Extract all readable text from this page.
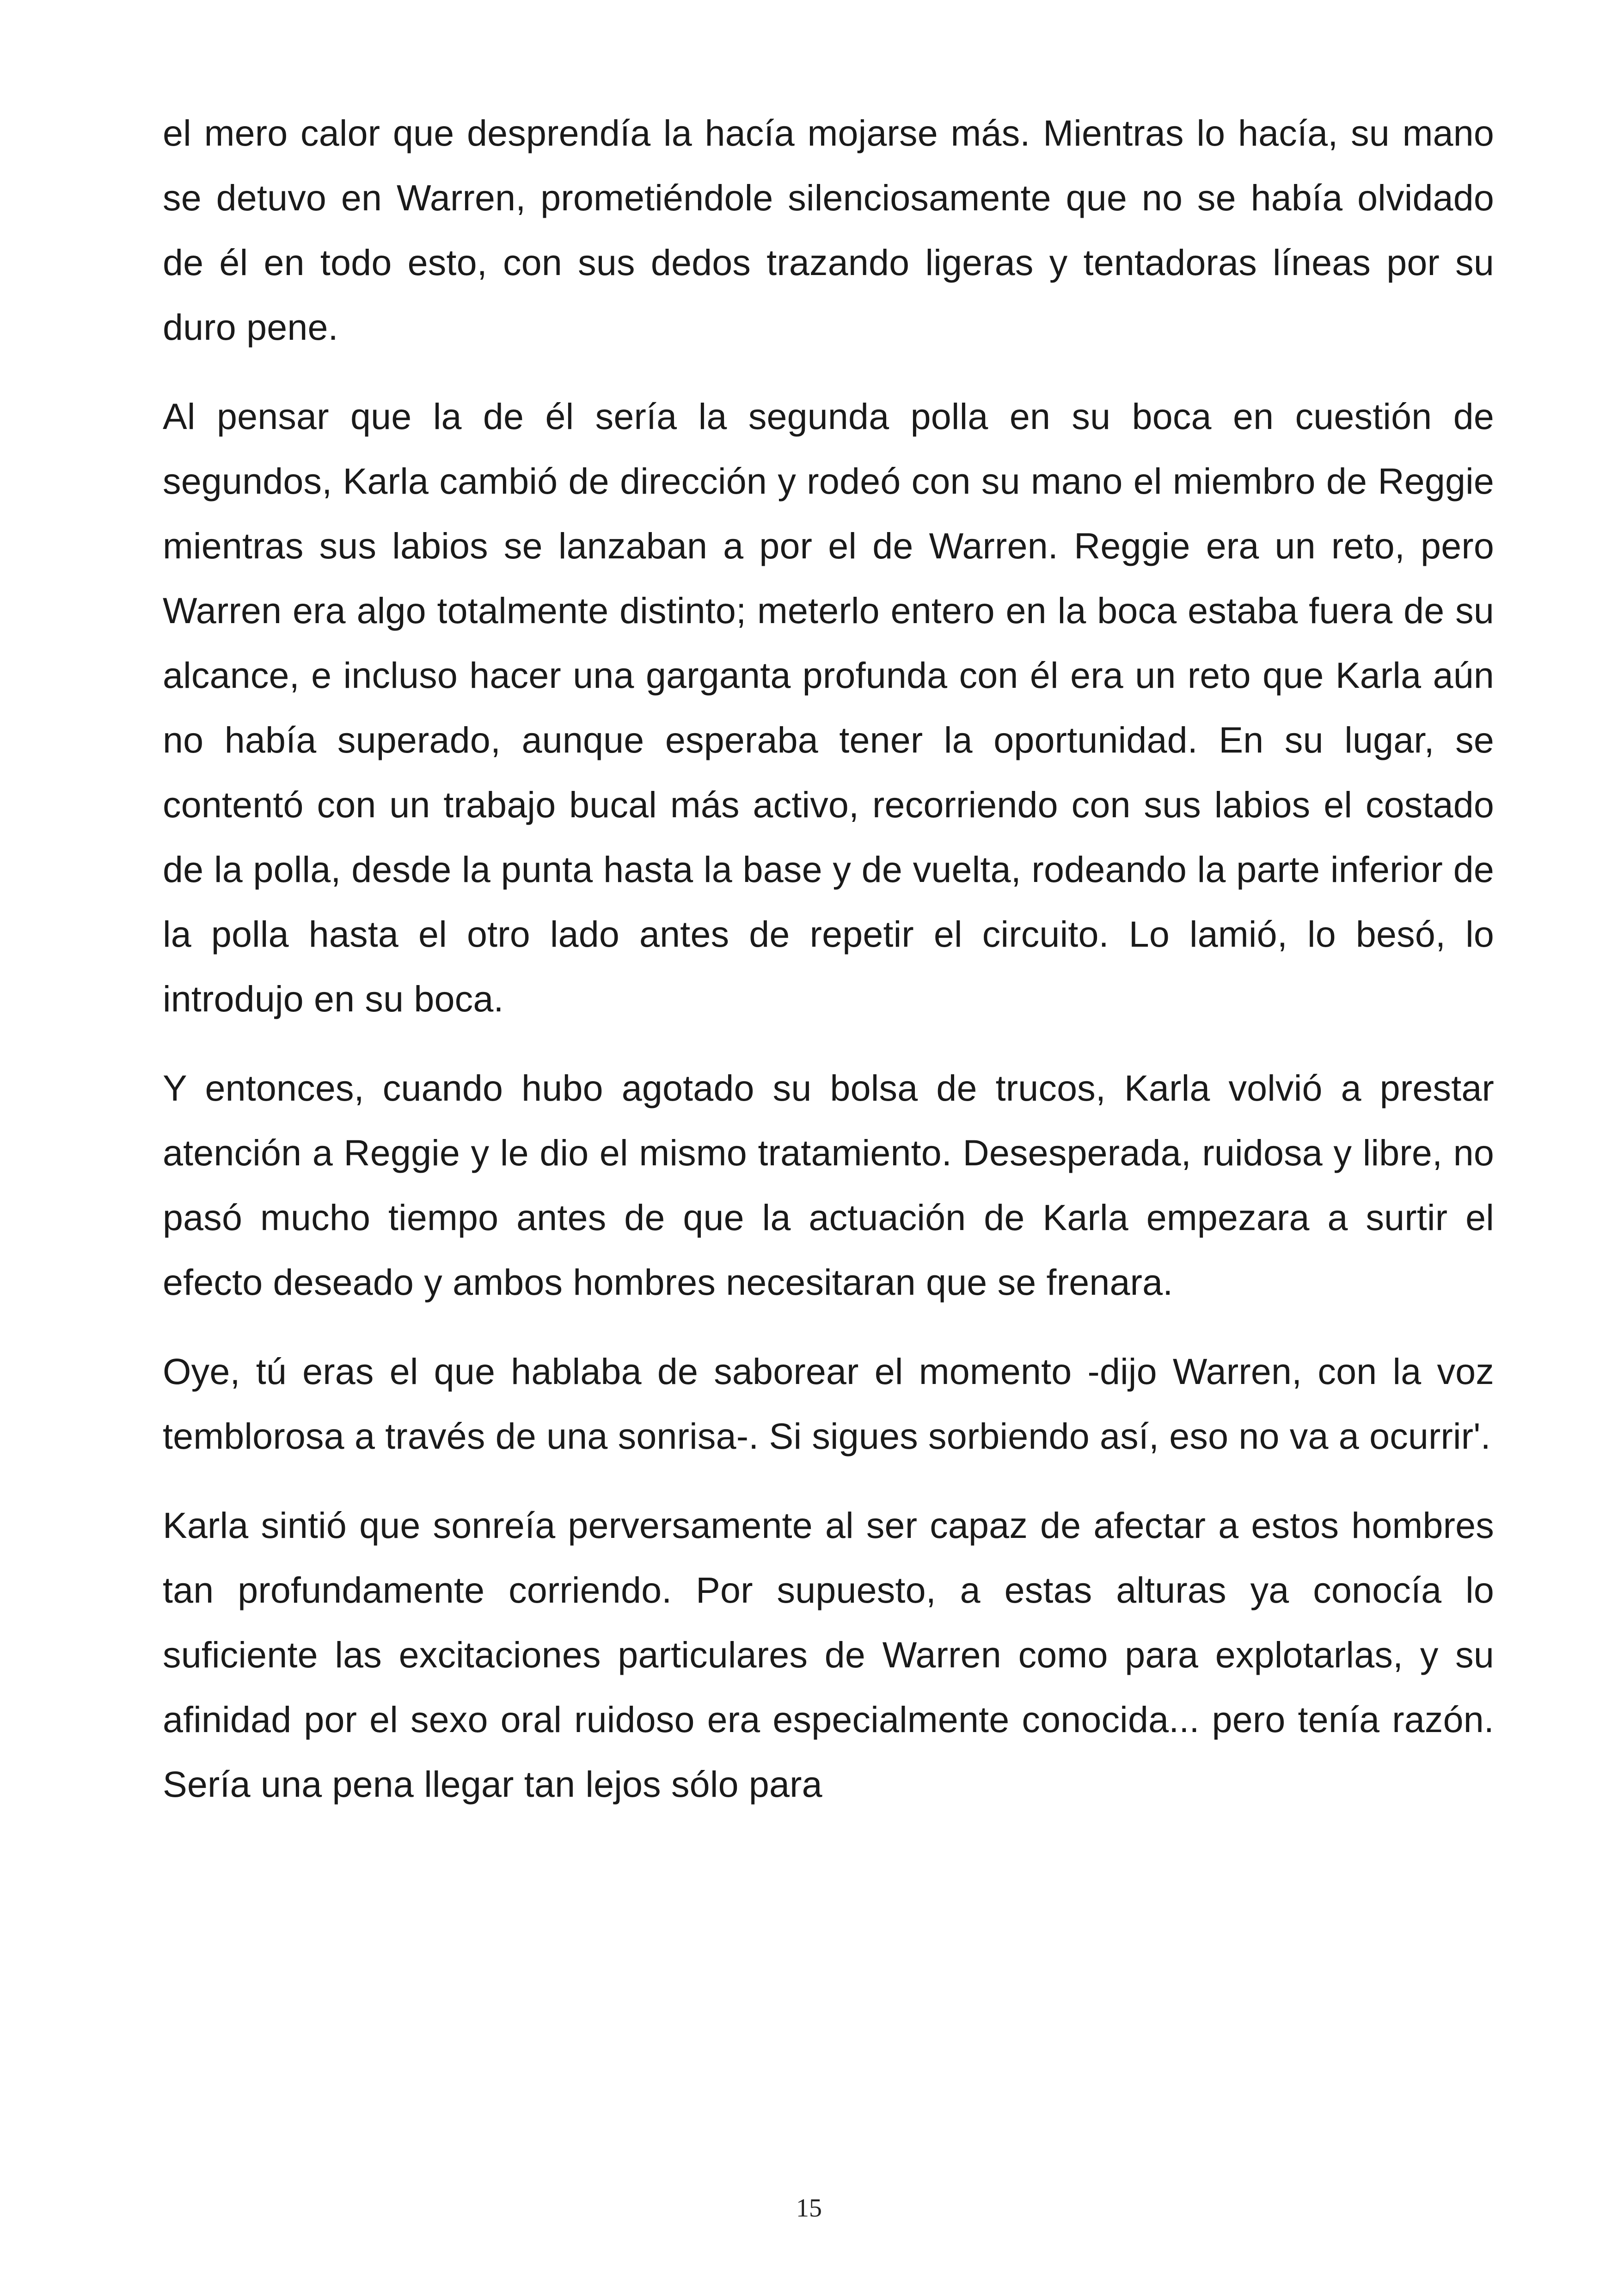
el mero calor que desprendía la hacía mojarse más. Mientras lo hacía, su mano se detuvo en Warren, prometiéndole silenciosamente que no se había olvidado de él en todo esto, con sus dedos trazando ligeras y tentadoras líneas por su duro pene.

Al pensar que la de él sería la segunda polla en su boca en cuestión de segundos, Karla cambió de dirección y rodeó con su mano el miembro de Reggie mientras sus labios se lanzaban a por el de Warren. Reggie era un reto, pero Warren era algo totalmente distinto; meterlo entero en la boca estaba fuera de su alcance, e incluso hacer una garganta profunda con él era un reto que Karla aún no había superado, aunque esperaba tener la oportunidad. En su lugar, se contentó con un trabajo bucal más activo, recorriendo con sus labios el costado de la polla, desde la punta hasta la base y de vuelta, rodeando la parte inferior de la polla hasta el otro lado antes de repetir el circuito. Lo lamió, lo besó, lo introdujo en su boca.

Y entonces, cuando hubo agotado su bolsa de trucos, Karla volvió a prestar atención a Reggie y le dio el mismo tratamiento. Desesperada, ruidosa y libre, no pasó mucho tiempo antes de que la actuación de Karla empezara a surtir el efecto deseado y ambos hombres necesitaran que se frenara.

Oye, tú eras el que hablaba de saborear el momento -dijo Warren, con la voz temblorosa a través de una sonrisa-. Si sigues sorbiendo así, eso no va a ocurrir'.

Karla sintió que sonreía perversamente al ser capaz de afectar a estos hombres tan profundamente corriendo. Por supuesto, a estas alturas ya conocía lo suficiente las excitaciones particulares de Warren como para explotarlas, y su afinidad por el sexo oral ruidoso era especialmente conocida... pero tenía razón. Sería una pena llegar tan lejos sólo para

15
